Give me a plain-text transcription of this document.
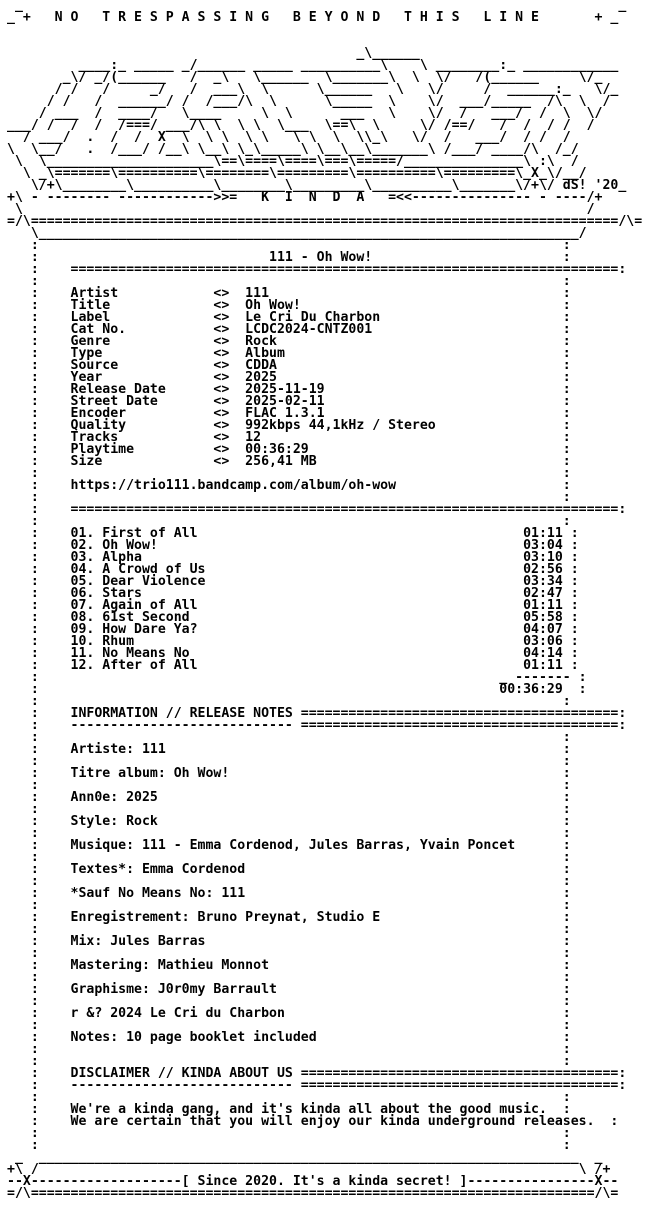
_                                                                           _
_ +   N O   T R E S P A S S I N G   B E Y O N D   T H I S   L I N E       + _

_\______
____:_ _____ _/______ _____ __________\    \ ________:_ ____________
_\/ _/(______   /  _\   \______  \_______\  \  \/   /(______     \/_
/ /   /     _/   /  ___\  \      \______   \   \/     /  ______:_   \/_
/ /   /  ______/ /  /___/\  \      \_____  \    \/  ___/_____  /\  \  /
/ ___  /  ____/   \____     \  \      ___   \    \/  /   ___/  /  \  \/
___/ /  /  /  /===/ ___/\ \  \ \  \___  \==\  \     \/ /==/   /  /  / /  /
/ ___/  .  /  /  X  \  \ \  \ \   \ \  \  \\_\   \/  /   ___/  / /  /
\  \__/   .  /___/ /__\ \__\ \_\_____\ \__\__\_______\ /___/ ____/\  /_/
\  \_____________________\==\====\====\===\=====/_______________\ :\  /
\ _\=======\==========\========\=========\==========\=========\_X_\/__/
\/+\________\__________\________\_________\__________\_______\/+\/ dS! '20_
+\ - -------- ------------>>=   K  I  N  D  A   =<<--------------- - ----/+
\                                                                       /
=/\==========================================================================/\=
\____________________________________________________________________/
:                                                                  :
:                             111 - Oh Wow!                        :
:    =====================================================================:
:                                                                  :
:    Artist            <>  111                                     :
:    Title             <>  Oh Wow!                                 :
:    Label             <>  Le Cri Du Charbon                       :
:    Cat No.           <>  LCDC2024-CNTZ001                        :
:    Genre             <>  Rock                                    :
:    Type              <>  Album                                   :
:    Source            <>  CDDA                                    :
:    Year              <>  2025                                    :
:    Release Date      <>  2025-11-19                              :
:    Street Date       <>  2025-02-11                              :
:    Encoder           <>  FLAC 1.3.1                              :
:    Quality           <>  992kbps 44,1kHz / Stereo                :
:    Tracks            <>  12                                      :
:    Playtime          <>  00:36:29                                :
:    Size              <>  256,41 MB                               :
:                                                                  :
:    https://trio111.bandcamp.com/album/oh-wow                     :
:                                                                  :
:    =====================================================================:
:                                                                  :
:    01. First of All                                         01:11 :
:    02. Oh Wow!                                              03:04 :
:    03. Alpha                                                03:10 :
:    04. A Crowd of Us                                        02:56 :
:    05. Dear Violence                                        03:34 :
:    06. Stars                                                02:47 :
:    07. Again of All                                         01:11 :
:    08. 61st Second                                          05:58 :
:    09. How Dare Ya?                                         04:07 :
:    10. Rhum                                                 03:06 :
:    11. No Means No                                          04:14 :
:    12. After of All                                         01:11 :
:                                                          _ ------- :
:                                                          00:36:29  :
:                                                                  :
:    INFORMATION // RELEASE NOTES ========================================:
:    ---------------------------- ========================================:
:                                                                  :
:    Artiste: 111                                                  :
:                                                                  :
:    Titre album: Oh Wow!                                          :
:                                                                  :
:    Ann0e: 2025                                                   :
:                                                                  :
:    Style: Rock                                                   :
:                                                                  :
:    Musique: 111 - Emma Cordenod, Jules Barras, Yvain Poncet      :
:                                                                  :
:    Textes*: Emma Cordenod                                        :
:                                                                  :
:    *Sauf No Means No: 111                                        :
:                                                                  :
:    Enregistrement: Bruno Preynat, Studio E                       :
:                                                                  :
:    Mix: Jules Barras                                             :
:                                                                  :
:    Mastering: Mathieu Monnot                                     :
:                                                                  :
:    Graphisme: J0r0my Barrault                                    :
:                                                                  :
:    r &? 2024 Le Cri du Charbon                                   :
:                                                                  :
:    Notes: 10 page booklet included                               :
:                                                                  :
:                                                                  :
:    DISCLAIMER // KINDA ABOUT US ========================================:
:    ---------------------------- ========================================:
:                                                                  :
:    We're a kinda gang, and it's kinda all about the good music.  :
:    We are certain that you will enjoy our kinda underground releases.  :
:                                                                  :
:                                                                  :
_  ____________________________________________________________________  _
+\ /                                                                    \ /+
--X-------------------[ Since 2020. It's a kinda secret! ]----------------X--
=/\=======================================================================/\=
